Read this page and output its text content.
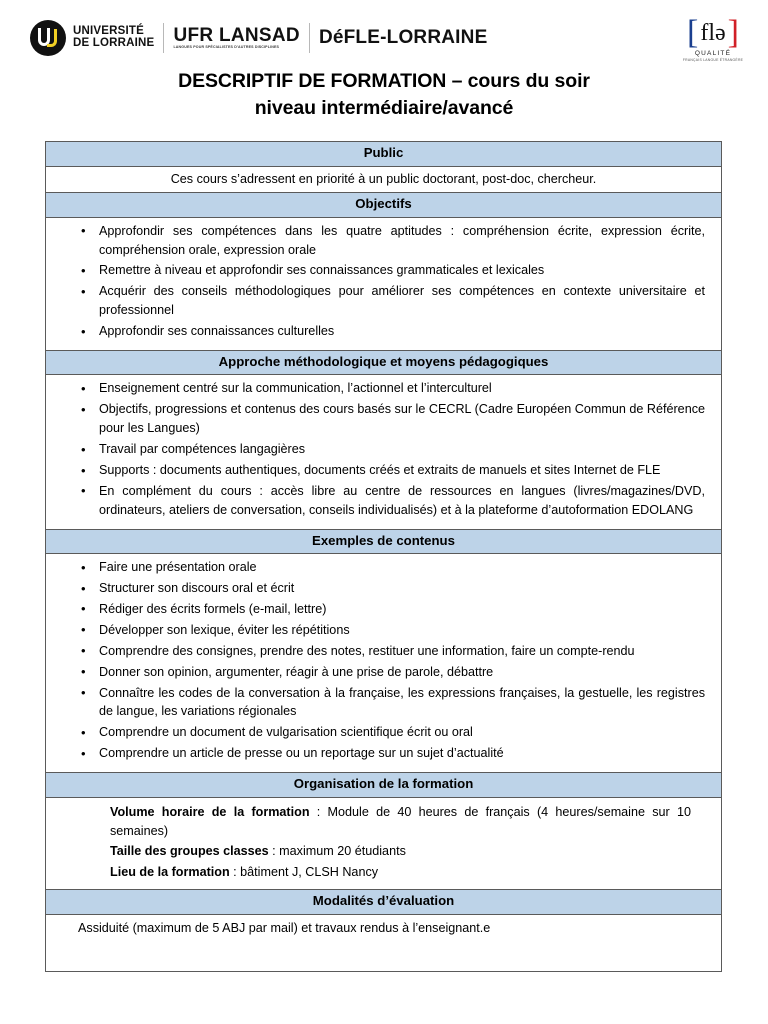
UNIVERSITÉ
DE LORRAINE UFR LANSAD
LANGUES POUR SPÉCIALISTES D'AUTRES DISCIPLINES	DéFLE-LORRAINE	[ flə ]
QUALITÉ
FRANÇAIS LANGUE ÉTRANGÈRE
DESCRIPTIF DE FORMATION – cours du soir
niveau intermédiaire/avancé
Public
Ces cours s’adressent en priorité à un public doctorant, post-doc, chercheur.
Objectifs
• Approfondir ses compétences dans les quatre aptitudes : compréhension écrite, expression écrite, compréhension orale, expression orale
• Remettre à niveau et approfondir ses connaissances grammaticales et lexicales
• Acquérir des conseils méthodologiques pour améliorer ses compétences en contexte universitaire et professionnel
• Approfondir ses connaissances culturelles
Approche méthodologique et moyens pédagogiques
• Enseignement centré sur la communication, l’actionnel et l’interculturel
• Objectifs, progressions et contenus des cours basés sur le CECRL (Cadre Européen Commun de Référence pour les Langues)
• Travail par compétences langagières
• Supports : documents authentiques, documents créés et extraits de manuels et sites Internet de FLE
• En complément du cours : accès libre au centre de ressources en langues (livres/magazines/DVD, ordinateurs, ateliers de conversation, conseils individualisés) et à la plateforme d’autoformation EDOLANG
Exemples de contenus
• Faire une présentation orale
• Structurer son discours oral et écrit
• Rédiger des écrits formels (e-mail, lettre)
• Développer son lexique, éviter les répétitions
• Comprendre des consignes, prendre des notes, restituer une information, faire un compte-rendu
• Donner son opinion, argumenter, réagir à une prise de parole, débattre
• Connaître les codes de la conversation à la française, les expressions françaises, la gestuelle, les registres de langue, les variations régionales
• Comprendre un document de vulgarisation scientifique écrit ou oral
• Comprendre un article de presse ou un reportage sur un sujet d’actualité
Organisation de la formation
Volume horaire de la formation : Module de 40 heures de français (4 heures/semaine sur 10 semaines)
Taille des groupes classes : maximum 20 étudiants
Lieu de la formation : bâtiment J, CLSH Nancy
Modalités d’évaluation
Assiduité (maximum de 5 ABJ par mail) et travaux rendus à l’enseignant.e
